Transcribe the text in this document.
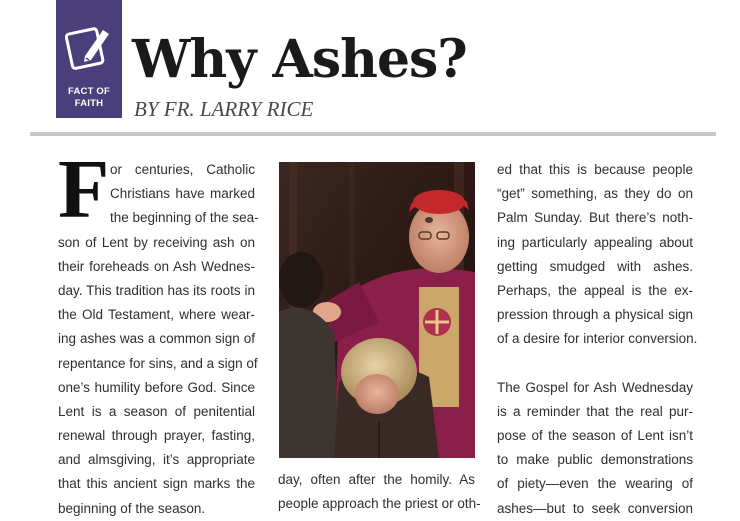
FACT OF
FAITH
Why Ashes?
BY FR. LARRY RICE
F or centuries, Catholic
Christians have marked
the beginning of the sea-
son of Lent by receiving ash on
their foreheads on Ash Wednes-
day. This tradition has its roots in
the Old Testament, where wear-
ing ashes was a common sign of
repentance for sins, and a sign of
one’s humility before God. Since
Lent is a season of penitential
renewal through prayer, fasting,
and almsgiving, it’s appropriate
that this ancient sign marks the
beginning of the season.
day, often after the homily. As
people approach the priest or oth-
ed that this is because people
“get” something, as they do on
Palm Sunday. But there’s noth-
ing particularly appealing about
getting smudged with ashes.
Perhaps, the appeal is the ex-
pression through a physical sign
of a desire for interior conversion.
The Gospel for Ash Wednesday
is a reminder that the real pur-
pose of the season of Lent isn’t
to make public demonstrations
of piety—even the wearing of
ashes—but to seek conversion
